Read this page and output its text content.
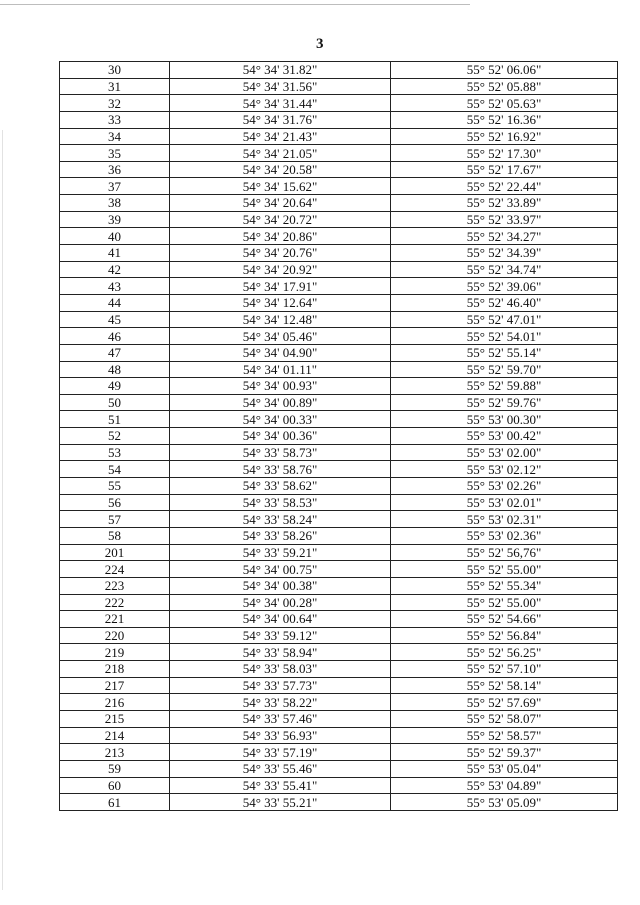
3
30	54° 34' 31.82"	55° 52' 06.06"
31	54° 34' 31.56"	55° 52' 05.88"
32	54° 34' 31.44"	55° 52' 05.63"
33	54° 34' 31.76"	55° 52' 16.36"
34	54° 34' 21.43"	55° 52' 16.92"
35	54° 34' 21.05"	55° 52' 17.30"
36	54° 34' 20.58"	55° 52' 17.67"
37	54° 34' 15.62"	55° 52' 22.44"
38	54° 34' 20.64"	55° 52' 33.89"
39	54° 34' 20.72"	55° 52' 33.97"
40	54° 34' 20.86"	55° 52' 34.27"
41	54° 34' 20.76"	55° 52' 34.39"
42	54° 34' 20.92"	55° 52' 34.74"
43	54° 34' 17.91"	55° 52' 39.06"
44	54° 34' 12.64"	55° 52' 46.40"
45	54° 34' 12.48"	55° 52' 47.01"
46	54° 34' 05.46"	55° 52' 54.01"
47	54° 34' 04.90"	55° 52' 55.14"
48	54° 34' 01.11"	55° 52' 59.70"
49	54° 34' 00.93"	55° 52' 59.88"
50	54° 34' 00.89"	55° 52' 59.76"
51	54° 34' 00.33"	55° 53' 00.30"
52	54° 34' 00.36"	55° 53' 00.42"
53	54° 33' 58.73"	55° 53' 02.00"
54	54° 33' 58.76"	55° 53' 02.12"
55	54° 33' 58.62"	55° 53' 02.26"
56	54° 33' 58.53"	55° 53' 02.01"
57	54° 33' 58.24"	55° 53' 02.31"
58	54° 33' 58.26"	55° 53' 02.36"
201	54° 33' 59.21"	55° 52' 56,76"
224	54° 34' 00.75"	55° 52' 55.00"
223	54° 34' 00.38"	55° 52' 55.34"
222	54° 34' 00.28"	55° 52' 55.00"
221	54° 34' 00.64"	55° 52' 54.66"
220	54° 33' 59.12"	55° 52' 56.84"
219	54° 33' 58.94"	55° 52' 56.25"
218	54° 33' 58.03"	55° 52' 57.10"
217	54° 33' 57.73"	55° 52' 58.14"
216	54° 33' 58.22"	55° 52' 57.69"
215	54° 33' 57.46"	55° 52' 58.07"
214	54° 33' 56.93"	55° 52' 58.57"
213	54° 33' 57.19"	55° 52' 59.37"
59	54° 33' 55.46"	55° 53' 05.04"
60	54° 33' 55.41"	55° 53' 04.89"
61	54° 33' 55.21"	55° 53' 05.09"
